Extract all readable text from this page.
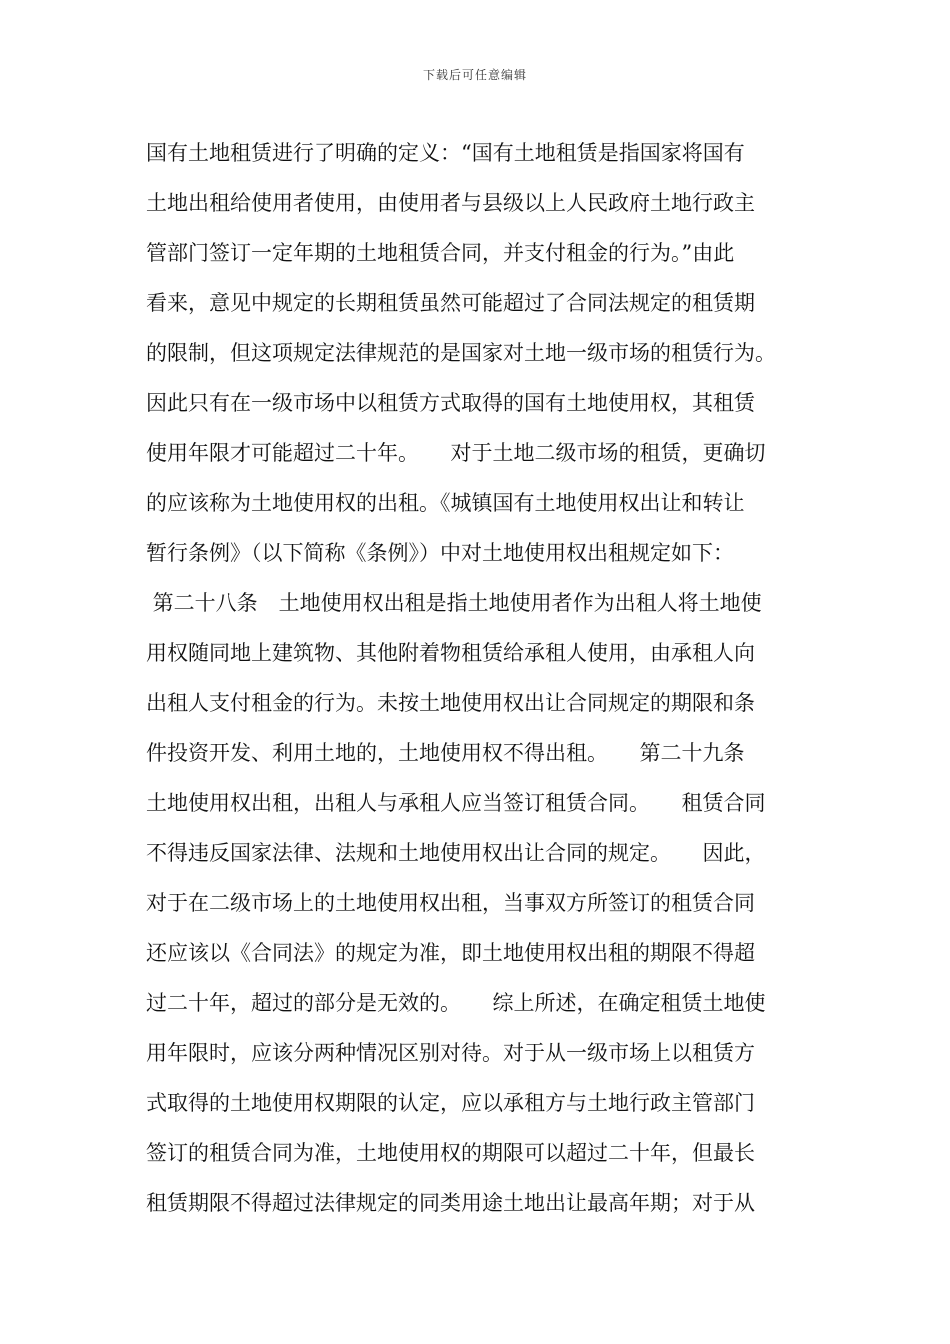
下载后可任意编辑
国有土地租赁进行了明确的定义：“国有土地租赁是指国家将国有
土地出租给使用者使用，由使用者与县级以上人民政府土地行政主
管部门签订一定年期的土地租赁合同，并支付租金的行为。”由此
看来，意见中规定的长期租赁虽然可能超过了合同法规定的租赁期
的限制，但这项规定法律规范的是国家对土地一级市场的租赁行为。
因此只有在一级市场中以租赁方式取得的国有土地使用权，其租赁
使用年限才可能超过二十年。　　对于土地二级市场的租赁，更确切
的应该称为土地使用权的出租。《城镇国有土地使用权出让和转让
暂行条例》（以下简称《条例》）中对土地使用权出租规定如下：
第二十八条　土地使用权出租是指土地使用者作为出租人将土地使
用权随同地上建筑物、其他附着物租赁给承租人使用，由承租人向
出租人支付租金的行为。未按土地使用权出让合同规定的期限和条
件投资开发、利用土地的，土地使用权不得出租。　　第二十九条
土地使用权出租，出租人与承租人应当签订租赁合同。　　租赁合同
不得违反国家法律、法规和土地使用权出让合同的规定。　　因此，
对于在二级市场上的土地使用权出租，当事双方所签订的租赁合同
还应该以《合同法》的规定为准，即土地使用权出租的期限不得超
过二十年，超过的部分是无效的。　　综上所述，在确定租赁土地使
用年限时，应该分两种情况区别对待。对于从一级市场上以租赁方
式取得的土地使用权期限的认定，应以承租方与土地行政主管部门
签订的租赁合同为准，土地使用权的期限可以超过二十年，但最长
租赁期限不得超过法律规定的同类用途土地出让最高年期；对于从
